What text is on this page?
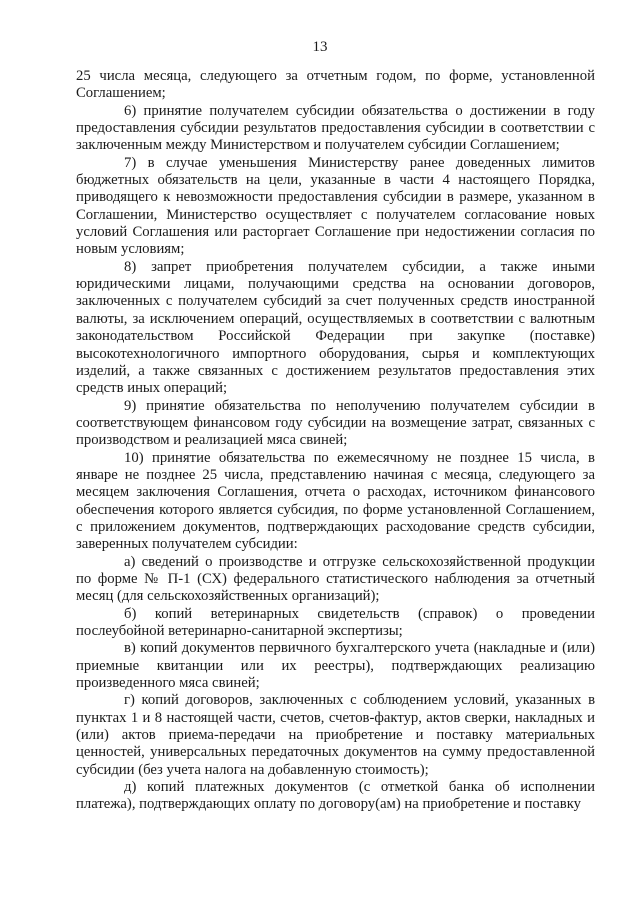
13

25 числа месяца, следующего за отчетным годом, по форме, установленной Соглашением;

6) принятие получателем субсидии обязательства о достижении в году предоставления субсидии результатов предоставления субсидии в соответствии с заключенным между Министерством и получателем субсидии Соглашением;

7) в случае уменьшения Министерству ранее доведенных лимитов бюджетных обязательств на цели, указанные в части 4 настоящего Порядка, приводящего к невозможности предоставления субсидии в размере, указанном в Соглашении, Министерство осуществляет с получателем согласование новых условий Соглашения или расторгает Соглашение при недостижении согласия по новым условиям;

8) запрет приобретения получателем субсидии, а также иными юридическими лицами, получающими средства на основании договоров, заключенных с получателем субсидий за счет полученных средств иностранной валюты, за исключением операций, осуществляемых в соответствии с валютным законодательством Российской Федерации при закупке (поставке) высокотехнологичного импортного оборудования, сырья и комплектующих изделий, а также связанных с достижением результатов предоставления этих средств иных операций;

9) принятие обязательства по неполучению получателем субсидии в соответствующем финансовом году субсидии на возмещение затрат, связанных с производством и реализацией мяса свиней;

10) принятие обязательства по ежемесячному не позднее 15 числа, в январе не позднее 25 числа, представлению начиная с месяца, следующего за месяцем заключения Соглашения, отчета о расходах, источником финансового обеспечения которого является субсидия, по форме установленной Соглашением, с приложением документов, подтверждающих расходование средств субсидии, заверенных получателем субсидии:

а) сведений о производстве и отгрузке сельскохозяйственной продукции по форме № П-1 (СХ) федерального статистического наблюдения за отчетный месяц (для сельскохозяйственных организаций);

б) копий ветеринарных свидетельств (справок) о проведении послеубойной ветеринарно-санитарной экспертизы;

в) копий документов первичного бухгалтерского учета (накладные и (или) приемные квитанции или их реестры), подтверждающих реализацию произведенного мяса свиней;

г) копий договоров, заключенных с соблюдением условий, указанных в пунктах 1 и 8 настоящей части, счетов, счетов-фактур, актов сверки, накладных и (или) актов приема-передачи на приобретение и поставку материальных ценностей, универсальных передаточных документов на сумму предоставленной субсидии (без учета налога на добавленную стоимость);

д) копий платежных документов (с отметкой банка об исполнении платежа), подтверждающих оплату по договору(ам) на приобретение и поставку
